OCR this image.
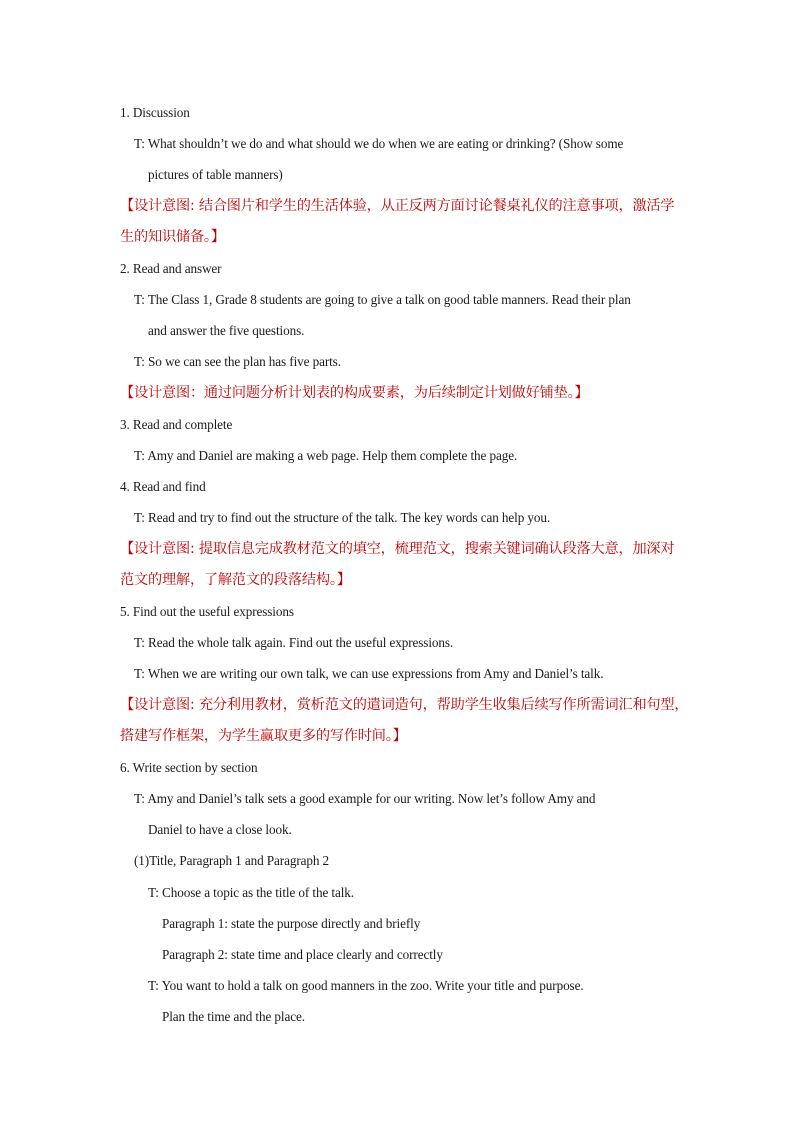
1. Discussion
T: What shouldn’t we do and what should we do when we are eating or drinking? (Show some
pictures of table manners)
【设计意图: 结合图片和学生的生活体验，从正反两方面讨论餐桌礼仪的注意事项，激活学
生的知识储备。】
2. Read and answer
T: The Class 1, Grade 8 students are going to give a talk on good table manners. Read their plan
and answer the five questions.
T: So we can see the plan has five parts.
【设计意图：通过问题分析计划表的构成要素，为后续制定计划做好铺垫。】
3. Read and complete
T: Amy and Daniel are making a web page. Help them complete the page.
4. Read and find
T: Read and try to find out the structure of the talk. The key words can help you.
【设计意图: 提取信息完成教材范文的填空，梳理范文，搜索关键词确认段落大意，加深对
范文的理解，了解范文的段落结构。】
5. Find out the useful expressions
T: Read the whole talk again. Find out the useful expressions.
T: When we are writing our own talk, we can use expressions from Amy and Daniel’s talk.
【设计意图: 充分利用教材，赏析范文的遣词造句，帮助学生收集后续写作所需词汇和句型，
搭建写作框架，为学生赢取更多的写作时间。】
6. Write section by section
T: Amy and Daniel’s talk sets a good example for our writing. Now let’s follow Amy and
Daniel to have a close look.
(1)Title, Paragraph 1 and Paragraph 2
T: Choose a topic as the title of the talk.
Paragraph 1: state the purpose directly and briefly
Paragraph 2: state time and place clearly and correctly
T: You want to hold a talk on good manners in the zoo. Write your title and purpose.
Plan the time and the place.
